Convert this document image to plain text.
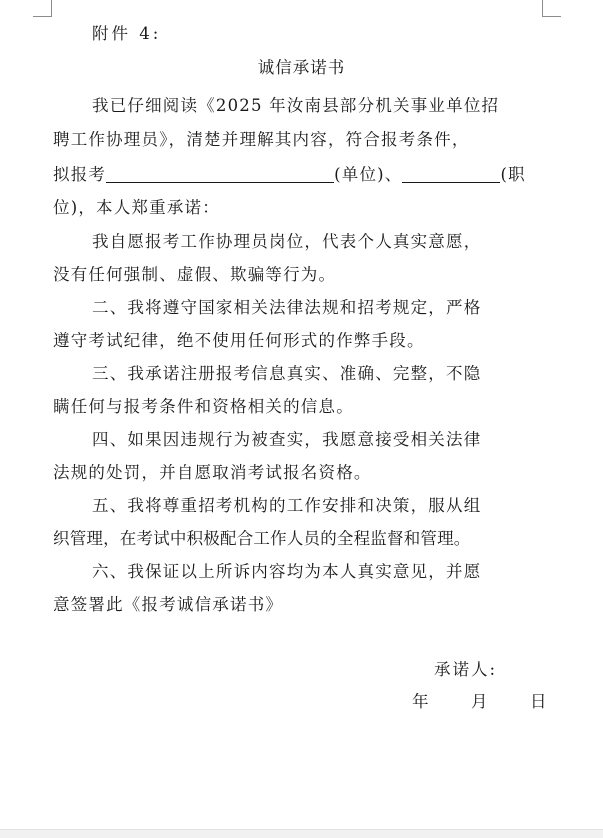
附件 4:
诚信承诺书
我已仔细阅读《2025 年汝南县部分机关事业单位招
聘工作协理员》，清楚并理解其内容，符合报考条件，
拟报考	(单位)、	(职
位)，本人郑重承诺：
我自愿报考工作协理员岗位，代表个人真实意愿，
没有任何强制、虚假、欺骗等行为。
二、我将遵守国家相关法律法规和招考规定，严格
遵守考试纪律，绝不使用任何形式的作弊手段。
三、我承诺注册报考信息真实、准确、完整，不隐
瞒任何与报考条件和资格相关的信息。
四、如果因违规行为被查实，我愿意接受相关法律
法规的处罚，并自愿取消考试报名资格。
五、我将尊重招考机构的工作安排和决策，服从组
织管理，在考试中积极配合工作人员的全程监督和管理。
六、我保证以上所诉内容均为本人真实意见，并愿
意签署此《报考诚信承诺书》
承诺人:
年 月 日
